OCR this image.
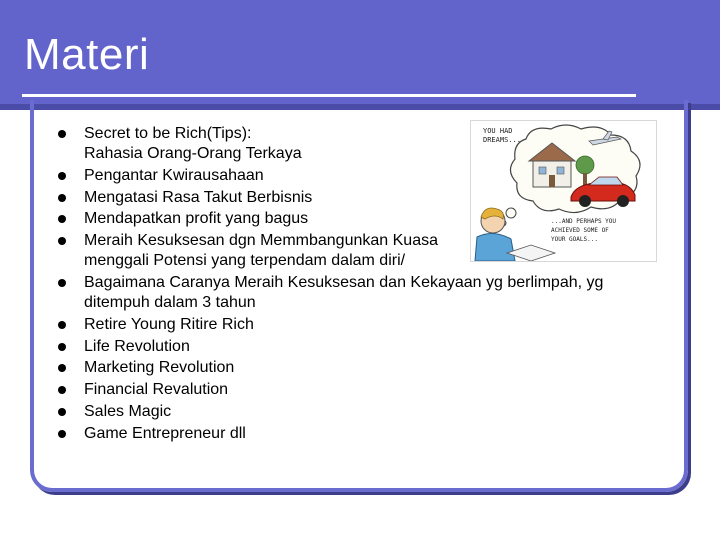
Materi
Secret to be Rich(Tips):
Rahasia Orang-Orang Terkaya
Pengantar Kwirausahaan
Mengatasi Rasa Takut Berbisnis
Mendapatkan profit yang bagus
Meraih Kesuksesan dgn Memmbangunkan Kuasa
menggali Potensi yang terpendam dalam diri/
Bagaimana Caranya Meraih Kesuksesan dan Kekayaan yg berlimpah, yg
ditempuh dalam 3 tahun
Retire Young Ritire Rich
Life Revolution
Marketing Revolution
Financial Revalution
Sales Magic
Game Entrepreneur dll
YOU HAD
DREAMS...
...AND PERHAPS YOU
ACHIEVED SOME OF
YOUR GOALS...
